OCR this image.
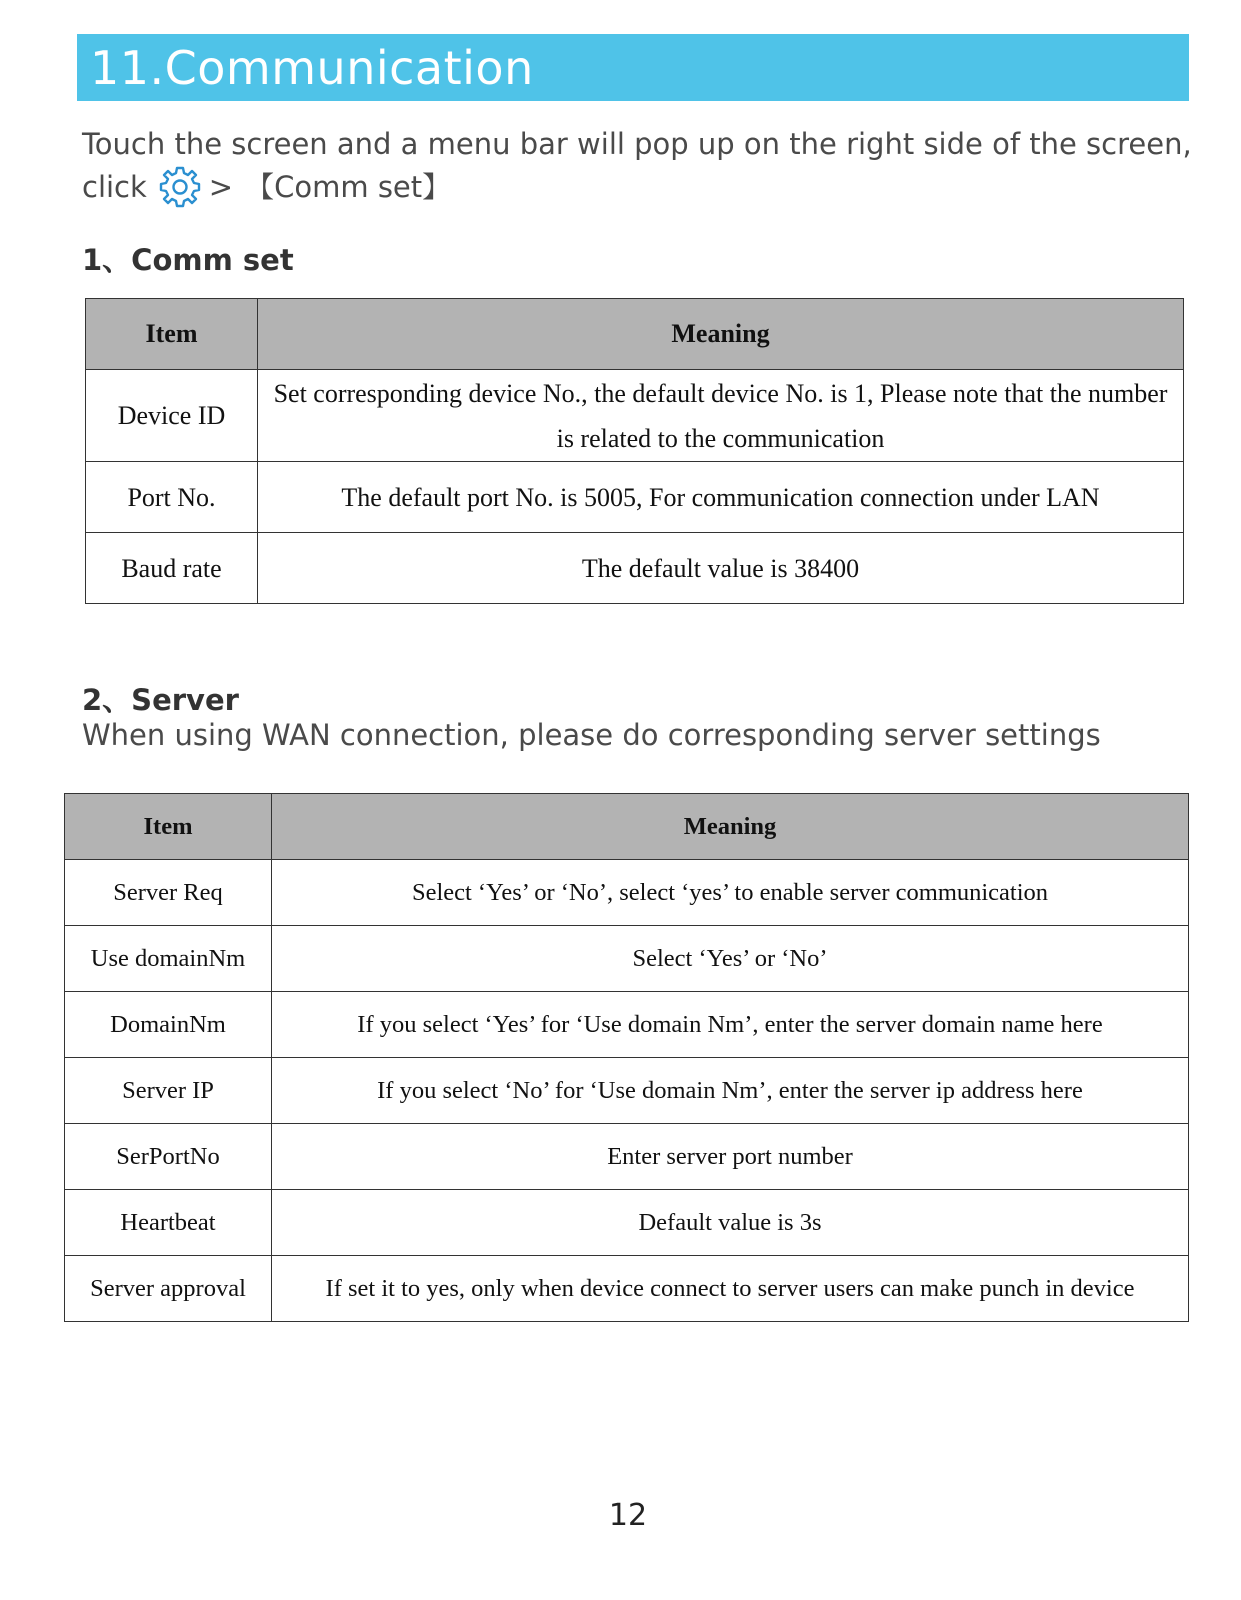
11.Communication
Touch the screen and a menu bar will pop up on the right side of the screen,
click > 【Comm set】
1、Comm set
Item	Meaning
Device ID	Set corresponding device No., the default device No. is 1, Please note that the number is related to the communication
Port No.	The default port No. is 5005, For communication connection under LAN
Baud rate	The default value is 38400
2、Server
When using WAN connection, please do corresponding server settings
Item	Meaning
Server Req	Select ‘Yes’ or ‘No’, select ‘yes’ to enable server communication
Use domainNm	Select ‘Yes’ or ‘No’
DomainNm	If you select ‘Yes’ for ‘Use domain Nm’, enter the server domain name here
Server IP	If you select ‘No’ for ‘Use domain Nm’, enter the server ip address here
SerPortNo	Enter server port number
Heartbeat	Default value is 3s
Server approval	If set it to yes, only when device connect to server users can make punch in device
12
